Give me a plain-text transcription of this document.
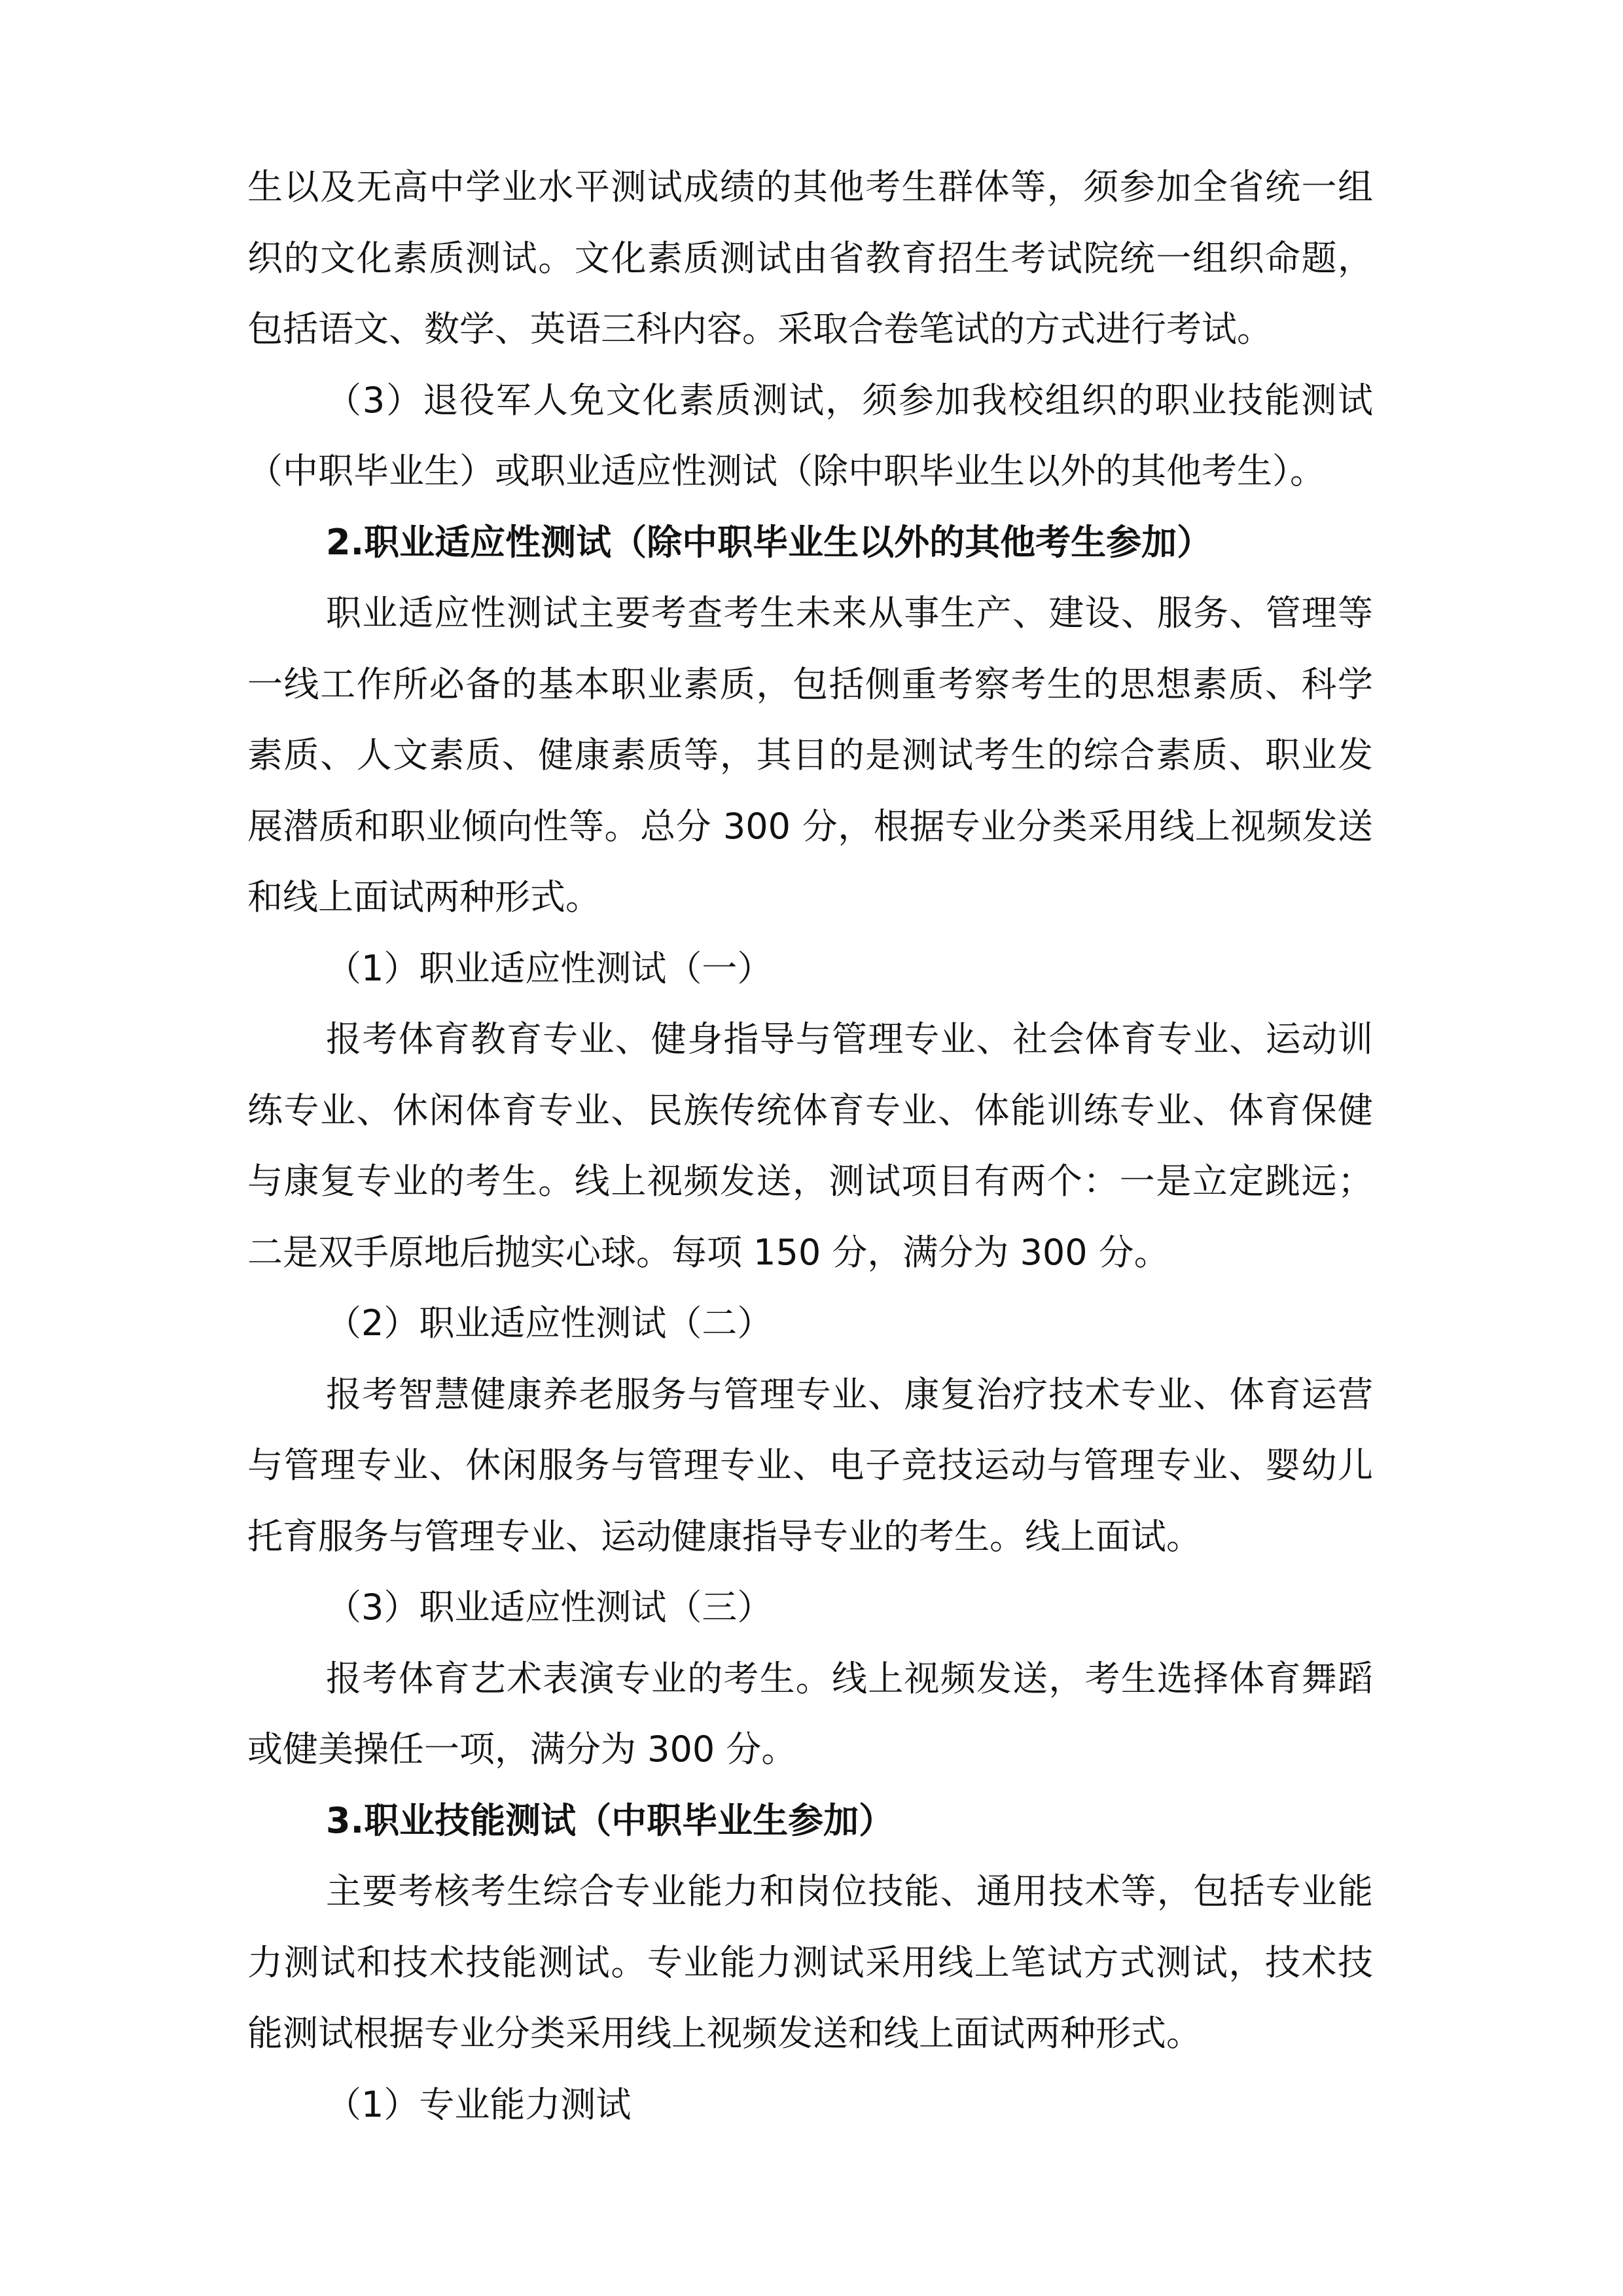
生以及无高中学业水平测试成绩的其他考生群体等，须参加全省统一组织的文化素质测试。文化素质测试由省教育招生考试院统一组织命题，包括语文、数学、英语三科内容。采取合卷笔试的方式进行考试。

（3）退役军人免文化素质测试，须参加我校组织的职业技能测试（中职毕业生）或职业适应性测试（除中职毕业生以外的其他考生）。

2.职业适应性测试（除中职毕业生以外的其他考生参加）

职业适应性测试主要考查考生未来从事生产、建设、服务、管理等一线工作所必备的基本职业素质，包括侧重考察考生的思想素质、科学素质、人文素质、健康素质等，其目的是测试考生的综合素质、职业发展潜质和职业倾向性等。总分 300 分，根据专业分类采用线上视频发送和线上面试两种形式。

（1）职业适应性测试（一）

报考体育教育专业、健身指导与管理专业、社会体育专业、运动训练专业、休闲体育专业、民族传统体育专业、体能训练专业、体育保健与康复专业的考生。线上视频发送，测试项目有两个：一是立定跳远；二是双手原地后抛实心球。每项 150 分，满分为 300 分。

（2）职业适应性测试（二）

报考智慧健康养老服务与管理专业、康复治疗技术专业、体育运营与管理专业、休闲服务与管理专业、电子竞技运动与管理专业、婴幼儿托育服务与管理专业、运动健康指导专业的考生。线上面试。

（3）职业适应性测试（三）

报考体育艺术表演专业的考生。线上视频发送，考生选择体育舞蹈或健美操任一项，满分为 300 分。

3.职业技能测试（中职毕业生参加）

主要考核考生综合专业能力和岗位技能、通用技术等，包括专业能力测试和技术技能测试。专业能力测试采用线上笔试方式测试，技术技能测试根据专业分类采用线上视频发送和线上面试两种形式。

（1）专业能力测试
